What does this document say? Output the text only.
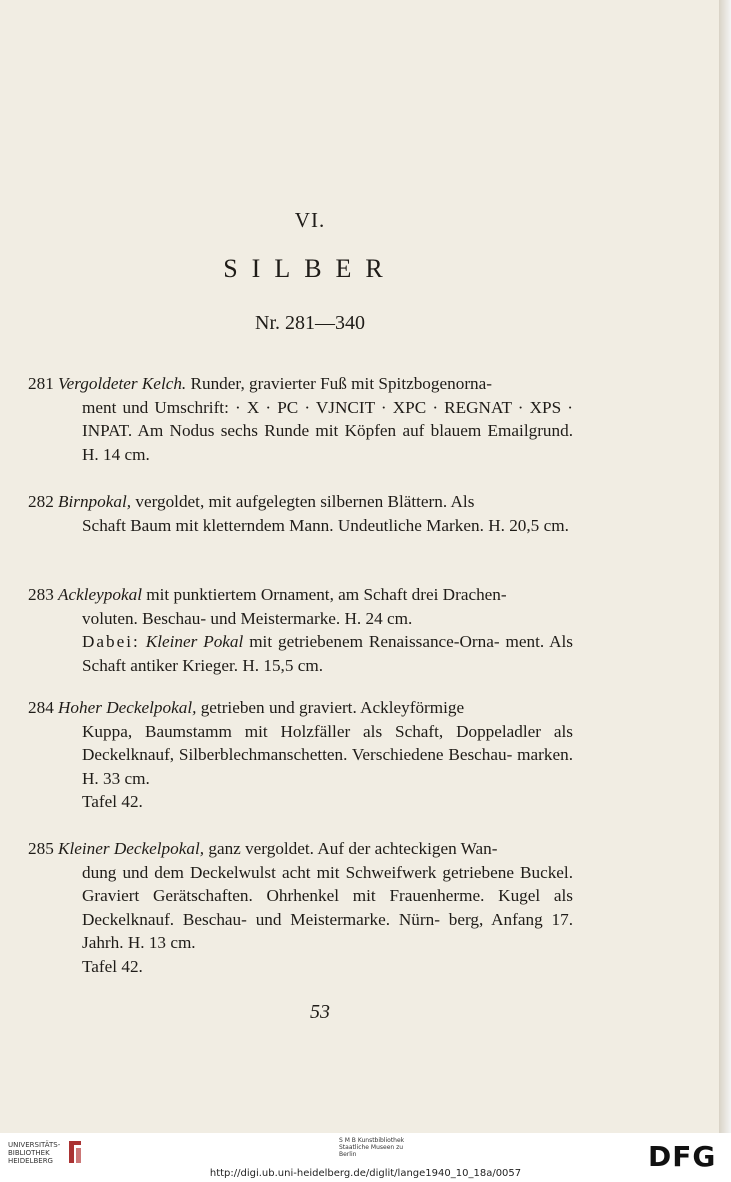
VI.
SILBER
Nr. 281—340
281 Vergoldeter Kelch. Runder, gravierter Fuß mit Spitzbogenorna-
ment und Umschrift: · X · PC · VJNCIT · XPC · REGNAT · XPS · INPAT. Am Nodus sechs Runde mit Köpfen auf blauem Emailgrund. H. 14 cm.
282 Birnpokal, vergoldet, mit aufgelegten silbernen Blättern. Als
Schaft Baum mit kletterndem Mann. Undeutliche Marken. H. 20,5 cm.
283 Ackleypokal mit punktiertem Ornament, am Schaft drei Drachen-
voluten. Beschau- und Meistermarke. H. 24 cm.
Dabei: Kleiner Pokal mit getriebenem Renaissance-Orna- ment. Als Schaft antiker Krieger. H. 15,5 cm.
284 Hoher Deckelpokal, getrieben und graviert. Ackleyförmige
Kuppa, Baumstamm mit Holzfäller als Schaft, Doppeladler als Deckelknauf, Silberblechmanschetten. Verschiedene Beschau- marken. H. 33 cm.
Tafel 42.
285 Kleiner Deckelpokal, ganz vergoldet. Auf der achteckigen Wan-
dung und dem Deckelwulst acht mit Schweifwerk getriebene Buckel. Graviert Gerätschaften. Ohrhenkel mit Frauenherme. Kugel als Deckelknauf. Beschau- und Meistermarke. Nürn- berg, Anfang 17. Jahrh. H. 13 cm.
Tafel 42.
53
UNIVERSITÄTS- BIBLIOTHEK HEIDELBERG
S M B Kunstbibliothek Staatliche Museen zu Berlin	DFG
http://digi.ub.uni-heidelberg.de/diglit/lange1940_10_18a/0057
